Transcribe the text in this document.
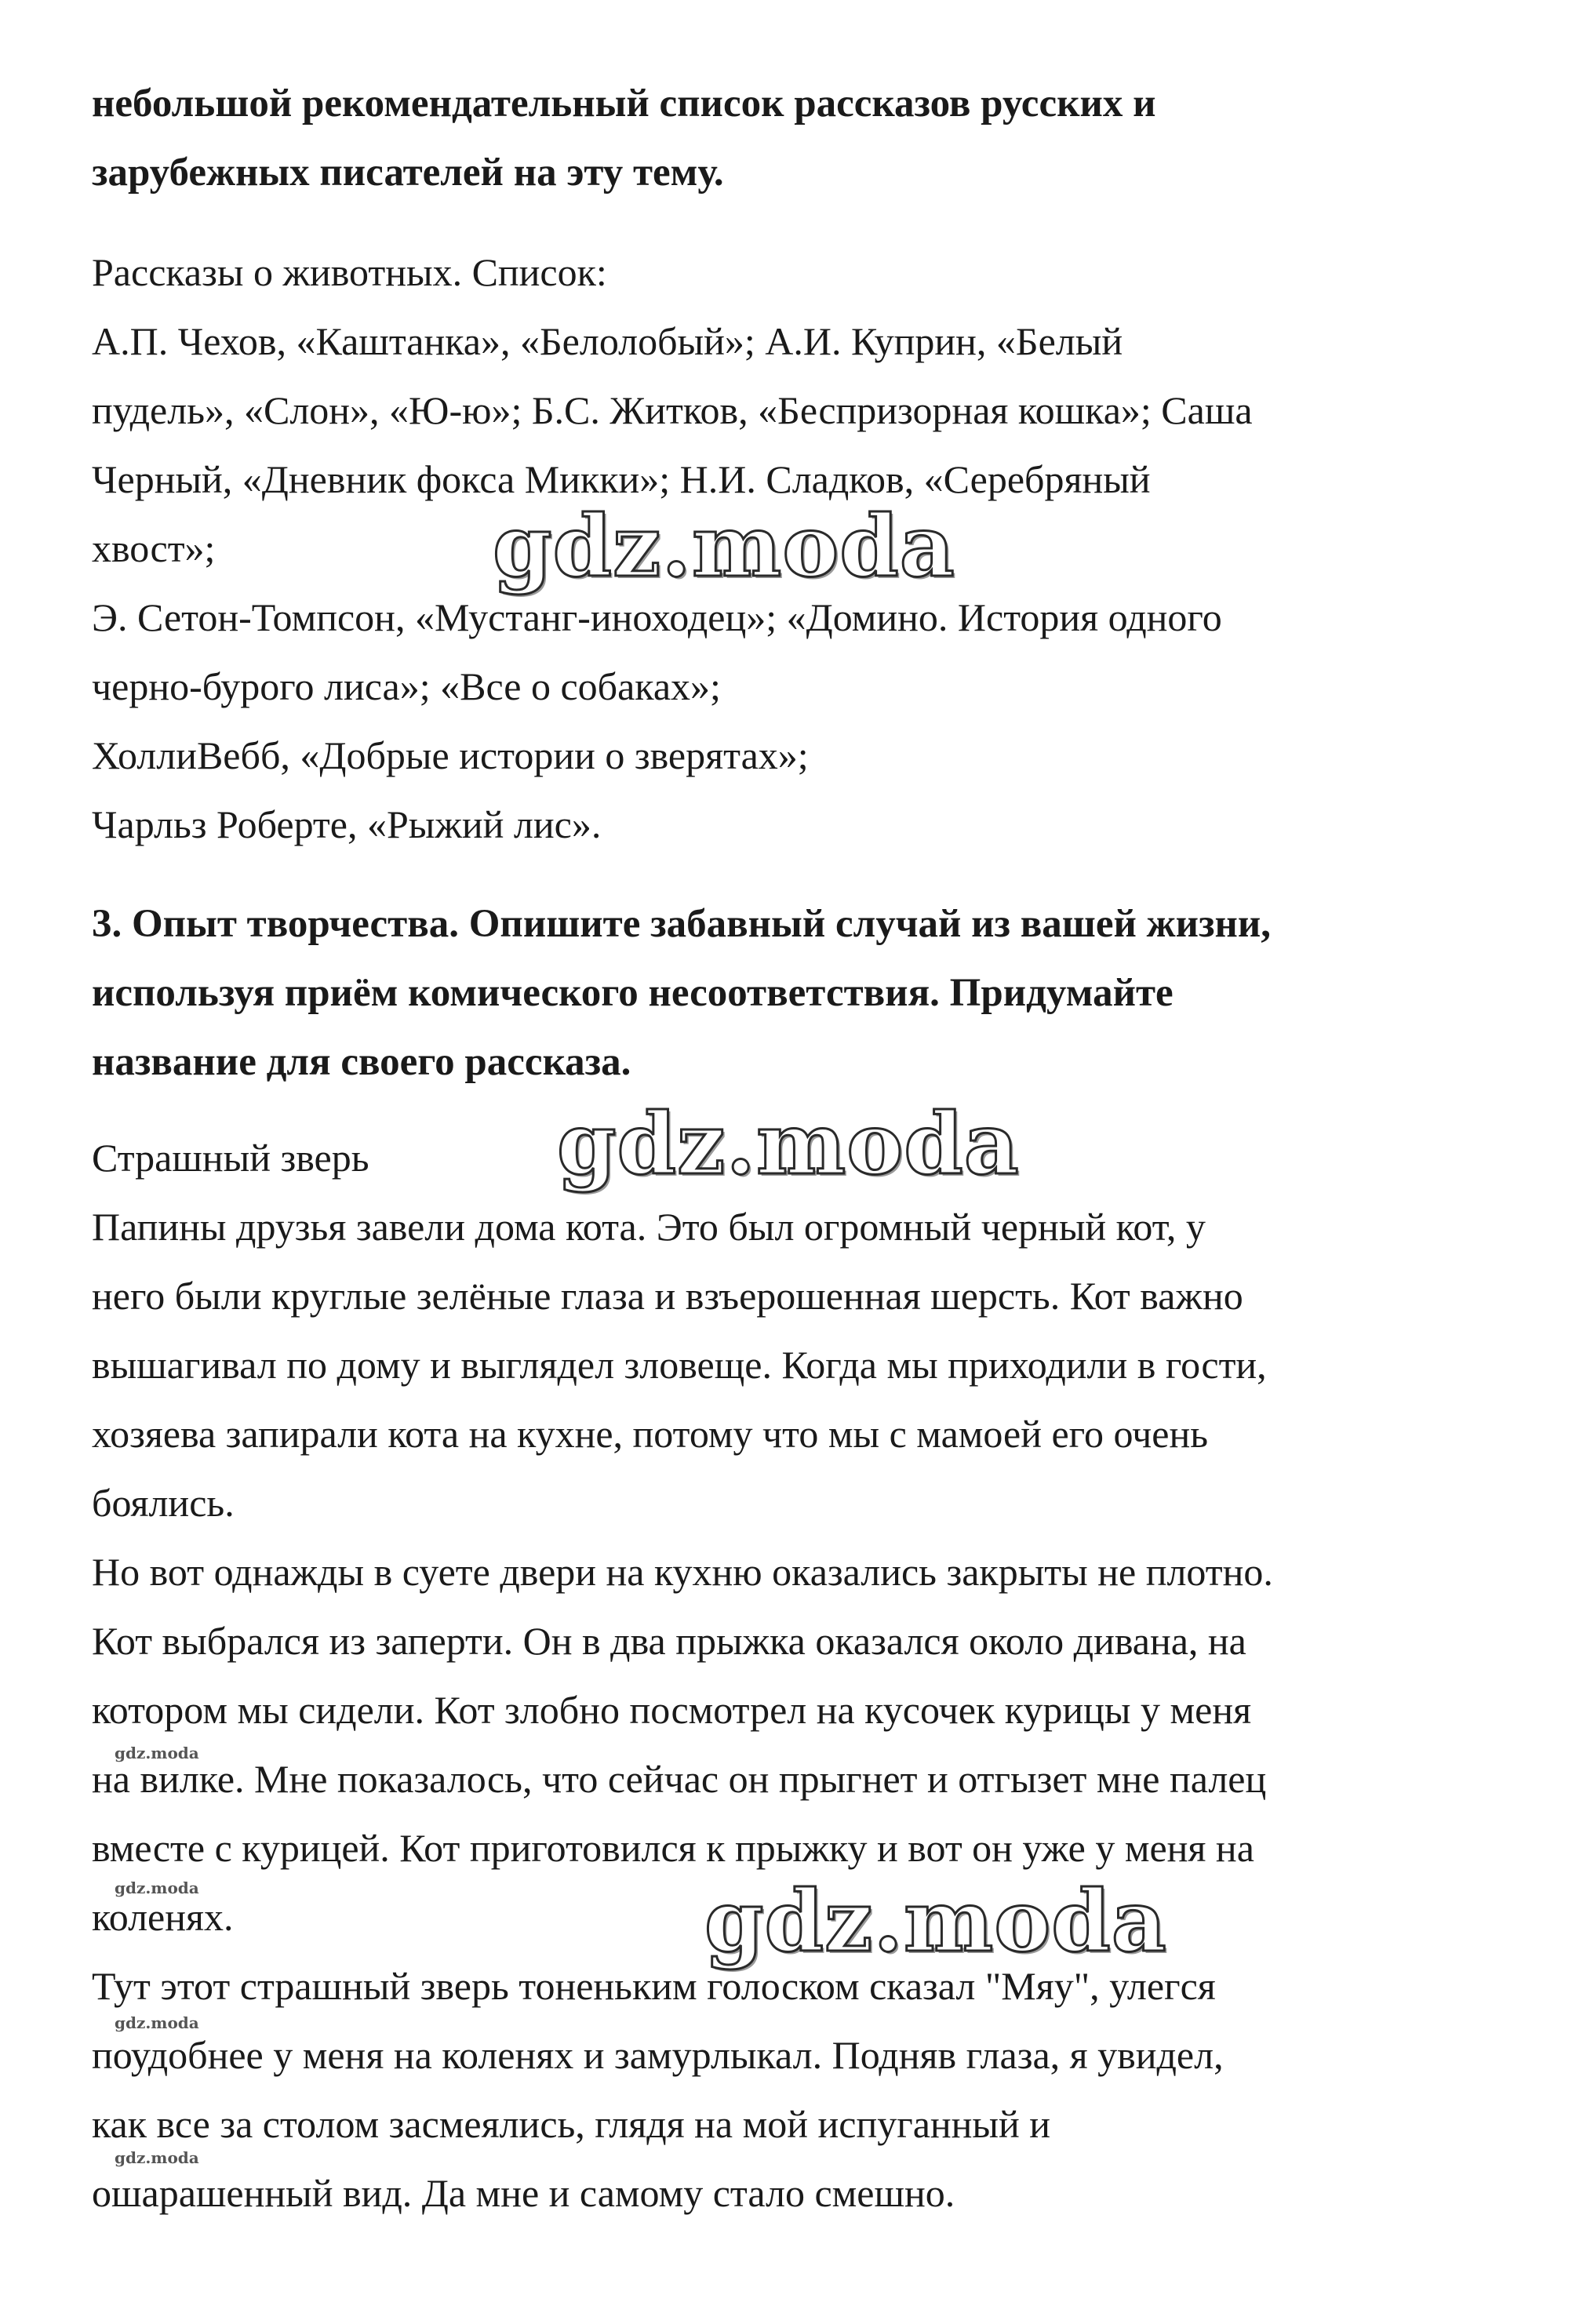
небольшой рекомендательный список рассказов русских и
зарубежных писателей на эту тему.
Рассказы о животных. Список:
А.П. Чехов, «Каштанка», «Белолобый»; А.И. Куприн, «Белый
пудель», «Слон», «Ю-ю»; Б.С. Житков, «Беспризорная кошка»; Саша
Черный, «Дневник фокса Микки»; Н.И. Сладков, «Серебряный
хвост»;
Э. Сетон-Томпсон, «Мустанг-иноходец»; «Домино. История одного
черно-бурого лиса»; «Все о собаках»;
ХоллиВебб, «Добрые истории о зверятах»;
Чарльз Роберте, «Рыжий лис».
3. Опыт творчества. Опишите забавный случай из вашей жизни,
используя приём комического несоответствия. Придумайте
название для своего рассказа.
Страшный зверь
Папины друзья завели дома кота. Это был огромный черный кот, у
него были круглые зелёные глаза и взъерошенная шерсть. Кот важно
вышагивал по дому и выглядел зловеще. Когда мы приходили в гости,
хозяева запирали кота на кухне, потому что мы с мамоей его очень
боялись.
Но вот однажды в суете двери на кухню оказались закрыты не плотно.
Кот выбрался из заперти. Он в два прыжка оказался около дивана, на
котором мы сидели. Кот злобно посмотрел на кусочек курицы у меня
на вилке. Мне показалось, что сейчас он прыгнет и отгызет мне палец
вместе с курицей. Кот приготовился к прыжку и вот он уже у меня на
коленях.
Тут этот страшный зверь тоненьким голоском сказал "Мяу", улегся
поудобнее у меня на коленях и замурлыкал. Подняв глаза, я увидел,
как все за столом засмеялись, глядя на мой испуганный и
ошарашенный вид. Да мне и самому стало смешно.
gdz.moda
gdz.moda
gdz.moda
gdz.moda
gdz.moda
gdz.moda
gdz.moda
